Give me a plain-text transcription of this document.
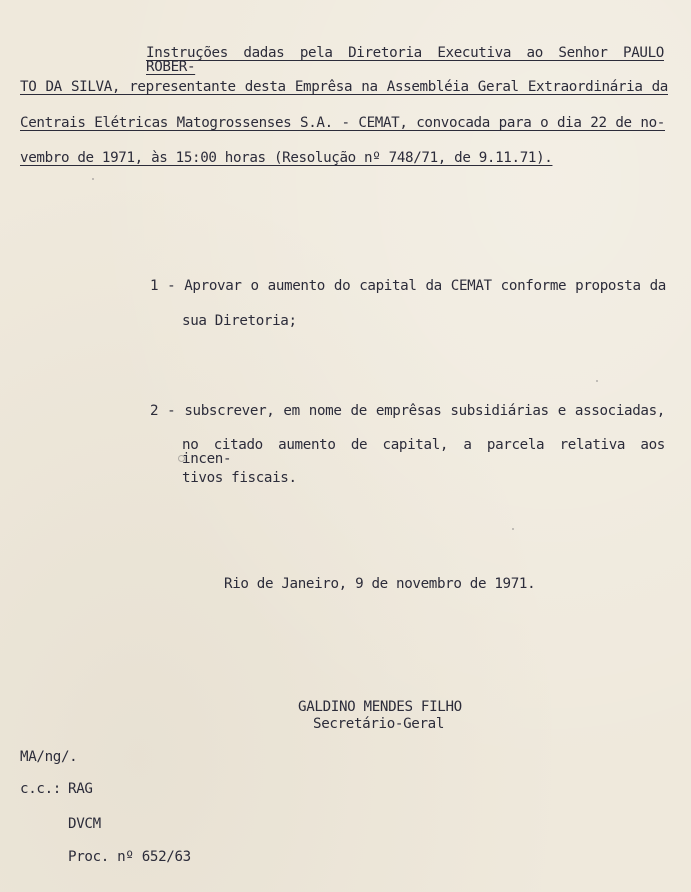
Instruções dadas pela Diretoria Executiva ao Senhor PAULO ROBER-
TO DA SILVA, representante desta Emprêsa na Assembléia Geral Extraordinária da
Centrais Elétricas Matogrossenses S.A. - CEMAT, convocada para o dia 22 de no-
vembro de 1971, às 15:00 horas (Resolução nº 748/71, de 9.11.71).
1 - Aprovar o aumento do capital da CEMAT conforme proposta da
sua Diretoria;
2 - subscrever, em nome de emprêsas subsidiárias e associadas,
no citado aumento de capital, a parcela relativa aos incen-
tivos fiscais.
Rio de Janeiro, 9 de novembro de 1971.
GALDINO MENDES FILHO
Secretário-Geral
MA/ng/.
c.c.: RAG
DVCM
Proc. nº 652/63
